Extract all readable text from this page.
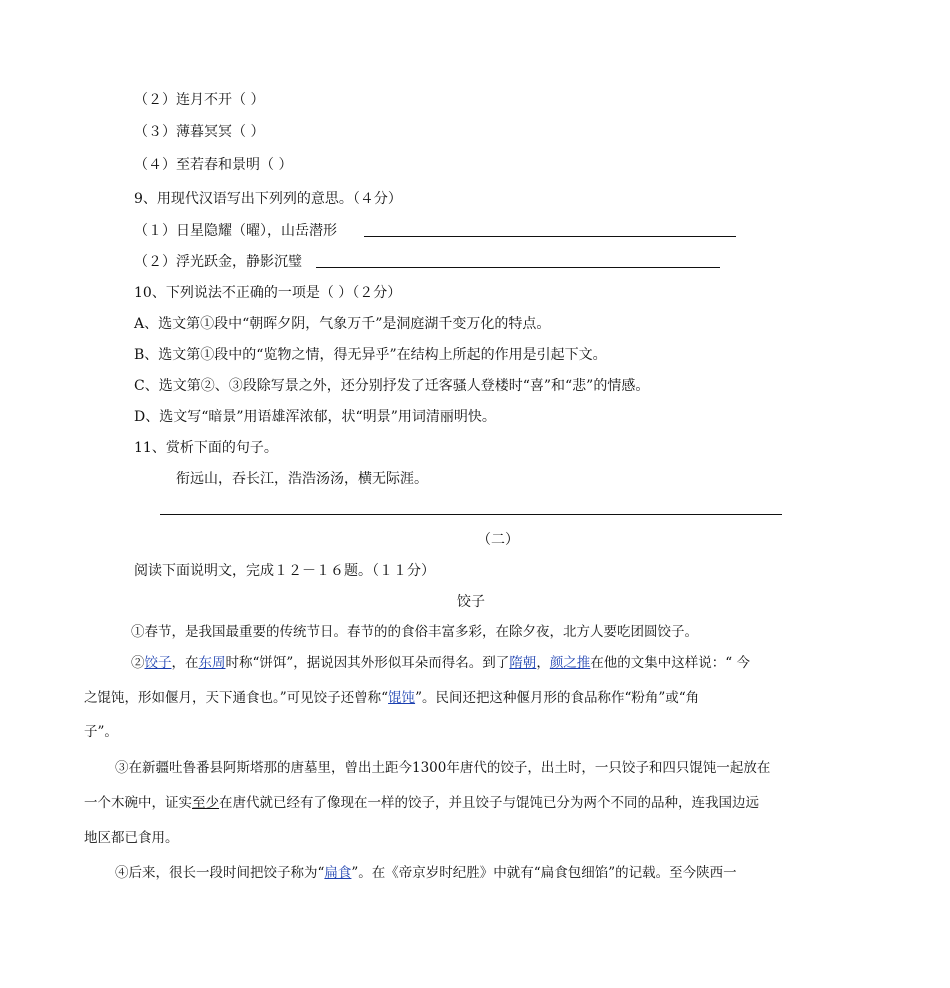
（２）连月不开（ ）
（３）薄暮冥冥（ ）
（４）至若春和景明（ ）
9、用现代汉语写出下列列的意思。（４分）
（１）日星隐耀（曜），山岳潜形
（２）浮光跃金，静影沉璧
10、下列说法不正确的一项是（ ）（２分）
A、选文第①段中“朝晖夕阴，气象万千”是洞庭湖千变万化的特点。
B、选文第①段中的“览物之情，得无异乎”在结构上所起的作用是引起下文。
C、选文第②、③段除写景之外，还分别抒发了迁客骚人登楼时“喜”和“悲”的情感。
D、选文写“暗景”用语雄浑浓郁，状“明景”用词清丽明快。
11、赏析下面的句子。
衔远山，吞长江，浩浩汤汤，横无际涯。
（二）
阅读下面说明文，完成１２－１６题。（１１分）
饺子
①春节，是我国最重要的传统节日。春节的的食俗丰富多彩，在除夕夜，北方人要吃团圆饺子。
②饺子，在东周时称“饼饵”，据说因其外形似耳朵而得名。到了隋朝，颜之推在他的文集中这样说：“ 今
之馄饨，形如偃月，天下通食也。”可见饺子还曾称“馄饨”。民间还把这种偃月形的食品称作“粉角”或“角
子”。
③在新疆吐鲁番县阿斯塔那的唐墓里，曾出土距今1300年唐代的饺子，出土时，一只饺子和四只馄饨一起放在
一个木碗中，证实至少在唐代就已经有了像现在一样的饺子，并且饺子与馄饨已分为两个不同的品种，连我国边远
地区都已食用。
④后来，很长一段时间把饺子称为“扁食”。在《帝京岁时纪胜》中就有“扁食包细馅”的记载。至今陕西一
